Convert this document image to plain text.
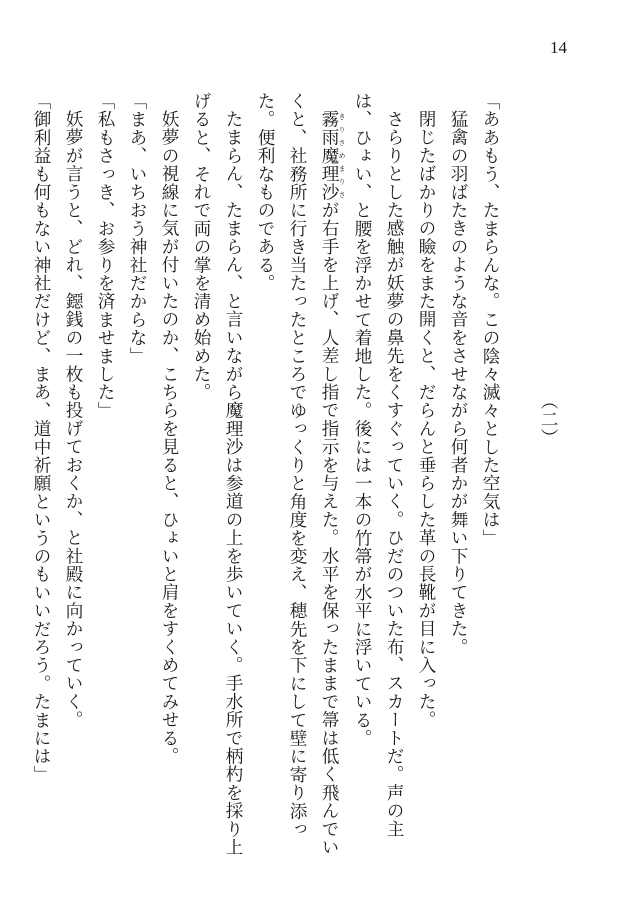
14
（二）

「ああもう、たまらんな。この陰々滅々とした空気は」

猛禽の羽ばたきのような音をさせながら何者かが舞い下りてきた。

閉じたばかりの瞼をまた開くと、だらんと垂らした革の長靴が目に入った。

さらりとした感触が妖夢の鼻先をくすぐっていく。ひだのついた布、スカートだ。声の主は、ひょい、と腰を浮かせて着地した。後には一本の竹箒が水平に浮いている。

霧雨魔理沙 きりさめまりさが右手を上げ、人差し指で指示を与えた。水平を保ったままで箒は低く飛んでいくと、社務所に行き当たったところでゆっくりと角度を変え、穂先を下にして壁に寄り添った。便利なものである。

たまらん、たまらん、と言いながら魔理沙は参道の上を歩いていく。手水所で柄杓を採り上げると、それで両の掌を清め始めた。

妖夢の視線に気が付いたのか、こちらを見ると、ひょいと肩をすくめてみせる。

「まあ、いちおう神社だからな」

「私もさっき、お参りを済ませました」

妖夢が言うと、どれ、鐚銭の一枚も投げておくか、と社殿に向かっていく。

「御利益も何もない神社だけど、まあ、道中祈願というのもいいだろう。たまには」
